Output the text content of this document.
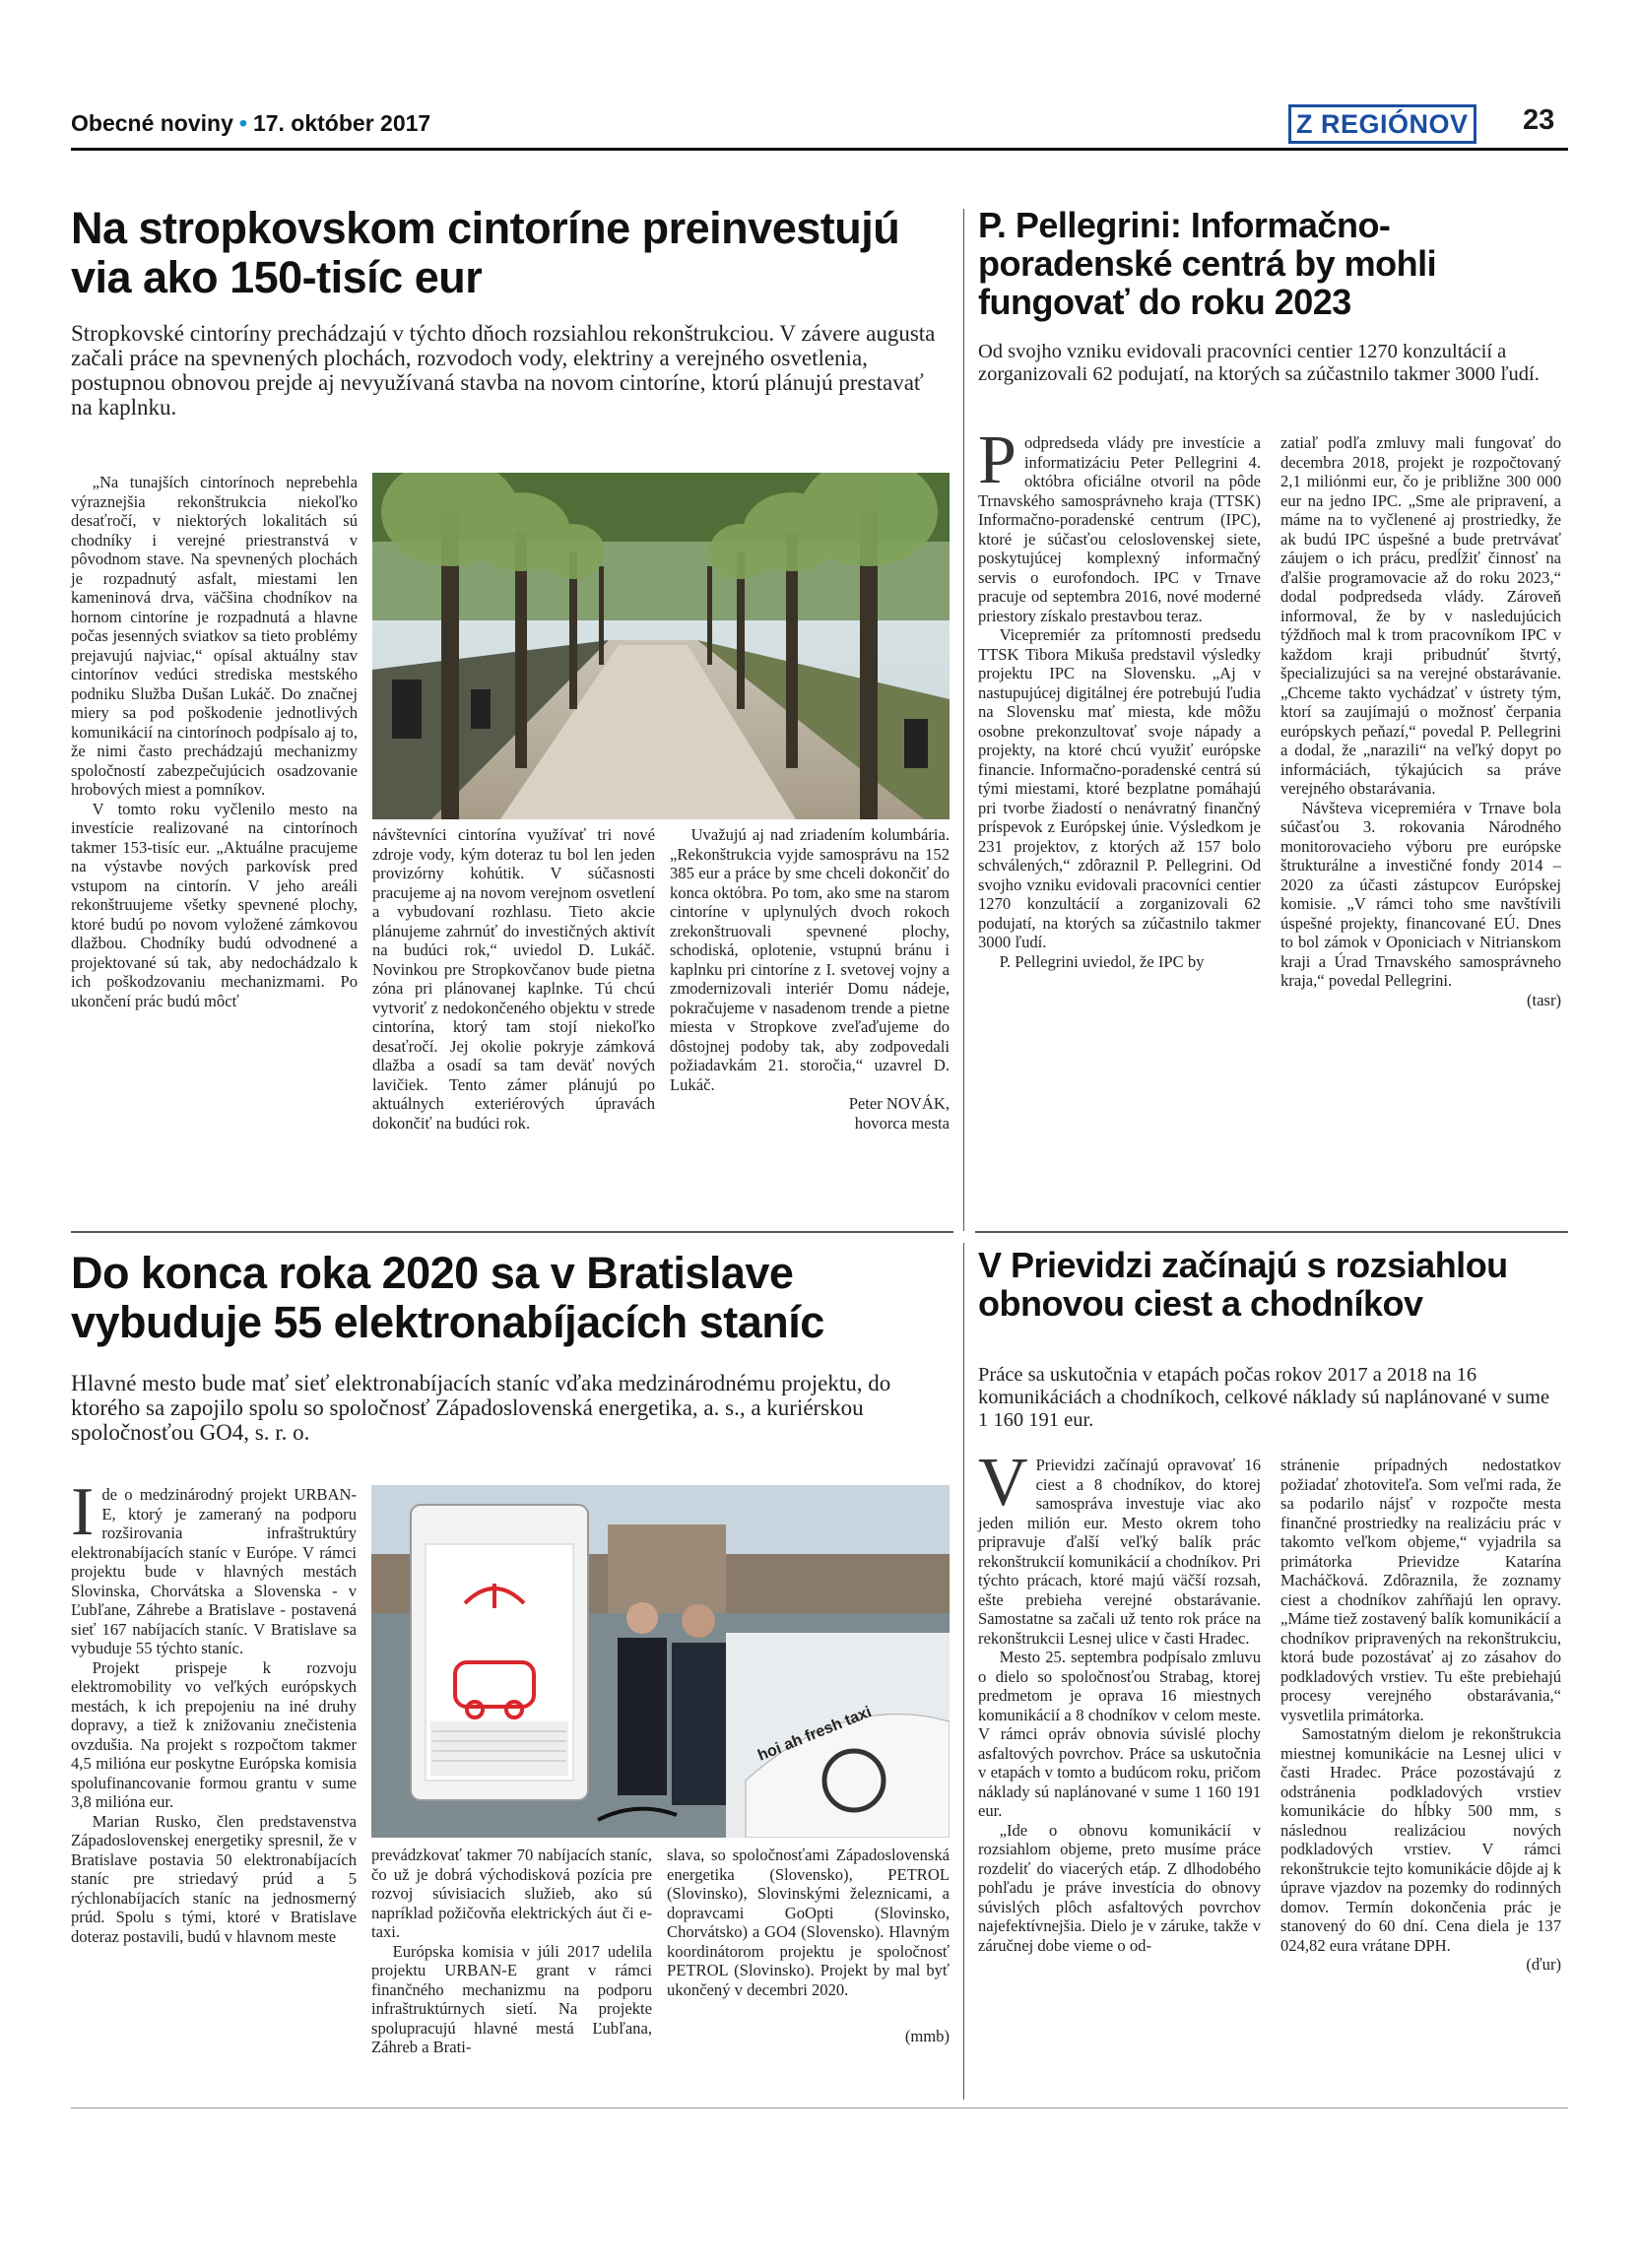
Obecné noviny • 17. október 2017	Z REGIÓNOV 23
Na stropkovskom cintoríne preinvestujú via ako 150-tisíc eur

Stropkovské cintoríny prechádzajú v týchto dňoch rozsiahlou rekonštrukciou. V závere augusta začali práce na spevnených plochách, rozvodoch vody, elektriny a verejného osvetlenia, postupnou obnovou prejde aj nevyužívaná stavba na novom cintoríne, ktorú plánujú prestavať na kaplnku.

„Na tunajších cintorínoch neprebehla výraznejšia rekonštrukcia niekoľko desaťročí, v niektorých lokalitách sú chodníky i verejné priestranstvá v pôvodnom stave. Na spevnených plochách je rozpadnutý asfalt, miestami len kameninová drva, väčšina chodníkov na hornom cintoríne je rozpadnutá a hlavne počas jesenných sviatkov sa tieto problémy prejavujú najviac,“ opísal aktuálny stav cintorínov vedúci strediska mestského podniku Služba Dušan Lukáč. Do značnej miery sa pod poškodenie jednotlivých komunikácií na cintorínoch podpísalo aj to, že nimi často prechádzajú mechanizmy spoločností zabezpečujúcich osadzovanie hrobových miest a pomníkov.

V tomto roku vyčlenilo mesto na investície realizované na cintorínoch takmer 153-tisíc eur. „Aktuálne pracujeme na výstavbe nových parkovísk pred vstupom na cintorín. V jeho areáli rekonštruujeme všetky spevnené plochy, ktoré budú po novom vyložené zámkovou dlažbou. Chodníky budú odvodnené a projektované sú tak, aby nedochádzalo k ich poškodzovaniu mechanizmami. Po ukončení prác budú môcť

návštevníci cintorína využívať tri nové zdroje vody, kým doteraz tu bol len jeden provizórny kohútik. V súčasnosti pracujeme aj na novom verejnom osvetlení a vybudovaní rozhlasu. Tieto akcie plánujeme zahrnúť do investičných aktivít na budúci rok,“ uviedol D. Lukáč. Novinkou pre Stropkovčanov bude pietna zóna pri plánovanej kaplnke. Tú chcú vytvoriť z nedokončeného objektu v strede cintorína, ktorý tam stojí niekoľko desaťročí. Jej okolie pokryje zámková dlažba a osadí sa tam deväť nových lavičiek. Tento zámer plánujú po aktuálnych exteriérových úpravách dokončiť na budúci rok.

Uvažujú aj nad zriadením kolumbária. „Rekonštrukcia vyjde samosprávu na 152 385 eur a práce by sme chceli dokončiť do konca októbra. Po tom, ako sme na starom cintoríne v uplynulých dvoch rokoch zrekonštruovali spevnené plochy, schodiská, oplotenie, vstupnú bránu i kaplnku pri cintoríne z I. svetovej vojny a zmodernizovali interiér Domu nádeje, pokračujeme v nasadenom trende a pietne miesta v Stropkove zveľaďujeme do dôstojnej podoby tak, aby zodpovedali požiadavkám 21. storočia,“ uzavrel D. Lukáč.

Peter NOVÁK,

hovorca mesta

P. Pellegrini: Informačno-poradenské centrá by mohli fungovať do roku 2023

Od svojho vzniku evidovali pracovníci centier 1270 konzultácií a zorganizovali 62 podujatí, na ktorých sa zúčastnilo takmer 3000 ľudí.

Podpredseda vlády pre investície a informatizáciu Peter Pellegrini 4. októbra oficiálne otvoril na pôde Trnavského samosprávneho kraja (TTSK) Informačno-poradenské centrum (IPC), ktoré je súčasťou celoslovenskej siete, poskytujúcej komplexný informačný servis o eurofondoch. IPC v Trnave pracuje od septembra 2016, nové moderné priestory získalo prestavbou teraz.

Vicepremiér za prítomnosti predsedu TTSK Tibora Mikuša predstavil výsledky projektu IPC na Slovensku. „Aj v nastupujúcej digitálnej ére potrebujú ľudia na Slovensku mať miesta, kde môžu osobne prekonzultovať svoje nápady a projekty, na ktoré chcú využiť európske financie. Informačno-poradenské centrá sú tými miestami, ktoré bezplatne pomáhajú pri tvorbe žiadostí o nenávratný finančný príspevok z Európskej únie. Výsledkom je 231 projektov, z ktorých až 157 bolo schválených,“ zdôraznil P. Pellegrini. Od svojho vzniku evidovali pracovníci centier 1270 konzultácií a zorganizovali 62 podujatí, na ktorých sa zúčastnilo takmer 3000 ľudí.

P. Pellegrini uviedol, že IPC by

zatiaľ podľa zmluvy mali fungovať do decembra 2018, projekt je rozpočtovaný 2,1 miliónmi eur, čo je približne 300 000 eur na jedno IPC. „Sme ale pripravení, a máme na to vyčlenené aj prostriedky, že ak budú IPC úspešné a bude pretrvávať záujem o ich prácu, predĺžiť činnosť na ďalšie programovacie až do roku 2023,“ dodal podpredseda vlády. Zároveň informoval, že by v nasledujúcich týždňoch mal k trom pracovníkom IPC v každom kraji pribudnúť štvrtý, špecializujúci sa na verejné obstarávanie. „Chceme takto vychádzať v ústrety tým, ktorí sa zaujímajú o možnosť čerpania európskych peňazí,“ povedal P. Pellegrini a dodal, že „narazili“ na veľký dopyt po informáciách, týkajúcich sa práve verejného obstarávania.

Návšteva vicepremiéra v Trnave bola súčasťou 3. rokovania Národného monitorovacieho výboru pre európske štrukturálne a investičné fondy 2014 – 2020 za účasti zástupcov Európskej komisie. „V rámci toho sme navštívili úspešné projekty, financované EÚ. Dnes to bol zámok v Oponiciach v Nitrianskom kraji a Úrad Trnavského samosprávneho kraja,“ povedal Pellegrini.

(tasr)

Do konca roka 2020 sa v Bratislave vybuduje 55 elektronabíjacích staníc

Hlavné mesto bude mať sieť elektronabíjacích staníc vďaka medzinárodnému projektu, do ktorého sa zapojilo spolu so spoločnosť Západoslovenská energetika, a. s., a kuriérskou spoločnosťou GO4, s. r. o.

hoi ah fresh taxi

Ide o medzinárodný projekt URBAN-E, ktorý je zameraný na podporu rozširovania infraštruktúry elektronabíjacích staníc v Európe. V rámci projektu bude v hlavných mestách Slovinska, Chorvátska a Slovenska - v Ľubľane, Záhrebe a Bratislave - postavená sieť 167 nabíjacích staníc. V Bratislave sa vybuduje 55 týchto staníc.

Projekt prispeje k rozvoju elektromobility vo veľkých európskych mestách, k ich prepojeniu na iné druhy dopravy, a tiež k znižovaniu znečistenia ovzdušia. Na projekt s rozpočtom takmer 4,5 milióna eur poskytne Európska komisia spolufinancovanie formou grantu v sume 3,8 milióna eur.

Marian Rusko, člen predstavenstva Západoslovenskej energetiky spresnil, že v Bratislave postavia 50 elektronabíjacích staníc pre striedavý prúd a 5 rýchlonabíjacích staníc na jednosmerný prúd. Spolu s tými, ktoré v Bratislave doteraz postavili, budú v hlavnom meste

prevádzkovať takmer 70 nabíjacích staníc, čo už je dobrá východisková pozícia pre rozvoj súvisiacich služieb, ako sú napríklad požičovňa elektrických áut či e-taxi.

Európska komisia v júli 2017 udelila projektu URBAN-E grant v rámci finančného mechanizmu na podporu infraštruktúrnych sietí. Na projekte spolupracujú hlavné mestá Ľubľana, Záhreb a Brati-

slava, so spoločnosťami Západoslovenská energetika (Slovensko), PETROL (Slovinsko), Slovinskými železnicami, a dopravcami GoOpti (Slovinsko, Chorvátsko) a GO4 (Slovensko). Hlavným koordinátorom projektu je spoločnosť PETROL (Slovinsko). Projekt by mal byť ukončený v decembri 2020.

(mmb)

V Prievidzi začínajú s rozsiahlou obnovou ciest a chodníkov

Práce sa uskutočnia v etapách počas rokov 2017 a 2018 na 16 komunikáciách a chodníkoch, celkové náklady sú naplánované v sume 1 160 191 eur.

V Prievidzi začínajú opravovať 16 ciest a 8 chodníkov, do ktorej samospráva investuje viac ako jeden milión eur. Mesto okrem toho pripravuje ďalší veľký balík prác rekonštrukcií komunikácií a chodníkov. Pri týchto prácach, ktoré majú väčší rozsah, ešte prebieha verejné obstarávanie. Samostatne sa začali už tento rok práce na rekonštrukcii Lesnej ulice v časti Hradec.

Mesto 25. septembra podpísalo zmluvu o dielo so spoločnosťou Strabag, ktorej predmetom je oprava 16 miestnych komunikácií a 8 chodníkov v celom meste. V rámci opráv obnovia súvislé plochy asfaltových povrchov. Práce sa uskutočnia v etapách v tomto a budúcom roku, pričom náklady sú naplánované v sume 1 160 191 eur.

„Ide o obnovu komunikácií v rozsiahlom objeme, preto musíme práce rozdeliť do viacerých etáp. Z dlhodobého pohľadu je práve investícia do obnovy súvislých plôch asfaltových povrchov najefektívnejšia. Dielo je v záruke, takže v záručnej dobe vieme o od-

stránenie prípadných nedostatkov požiadať zhotoviteľa. Som veľmi rada, že sa podarilo nájsť v rozpočte mesta finančné prostriedky na realizáciu prác v takomto veľkom objeme,“ vyjadrila sa primátorka Prievidze Katarína Macháčková. Zdôraznila, že zoznamy ciest a chodníkov zahŕňajú len opravy. „Máme tiež zostavený balík komunikácií a chodníkov pripravených na rekonštrukciu, ktorá bude pozostávať aj zo zásahov do podkladových vrstiev. Tu ešte prebiehajú procesy verejného obstarávania,“ vysvetlila primátorka.

Samostatným dielom je rekonštrukcia miestnej komunikácie na Lesnej ulici v časti Hradec. Práce pozostávajú z odstránenia podkladových vrstiev komunikácie do hĺbky 500 mm, s následnou realizáciou nových podkladových vrstiev. V rámci rekonštrukcie tejto komunikácie dôjde aj k úprave vjazdov na pozemky do rodinných domov. Termín dokončenia prác je stanovený do 60 dní. Cena diela je 137 024,82 eura vrátane DPH.

(ďur)
